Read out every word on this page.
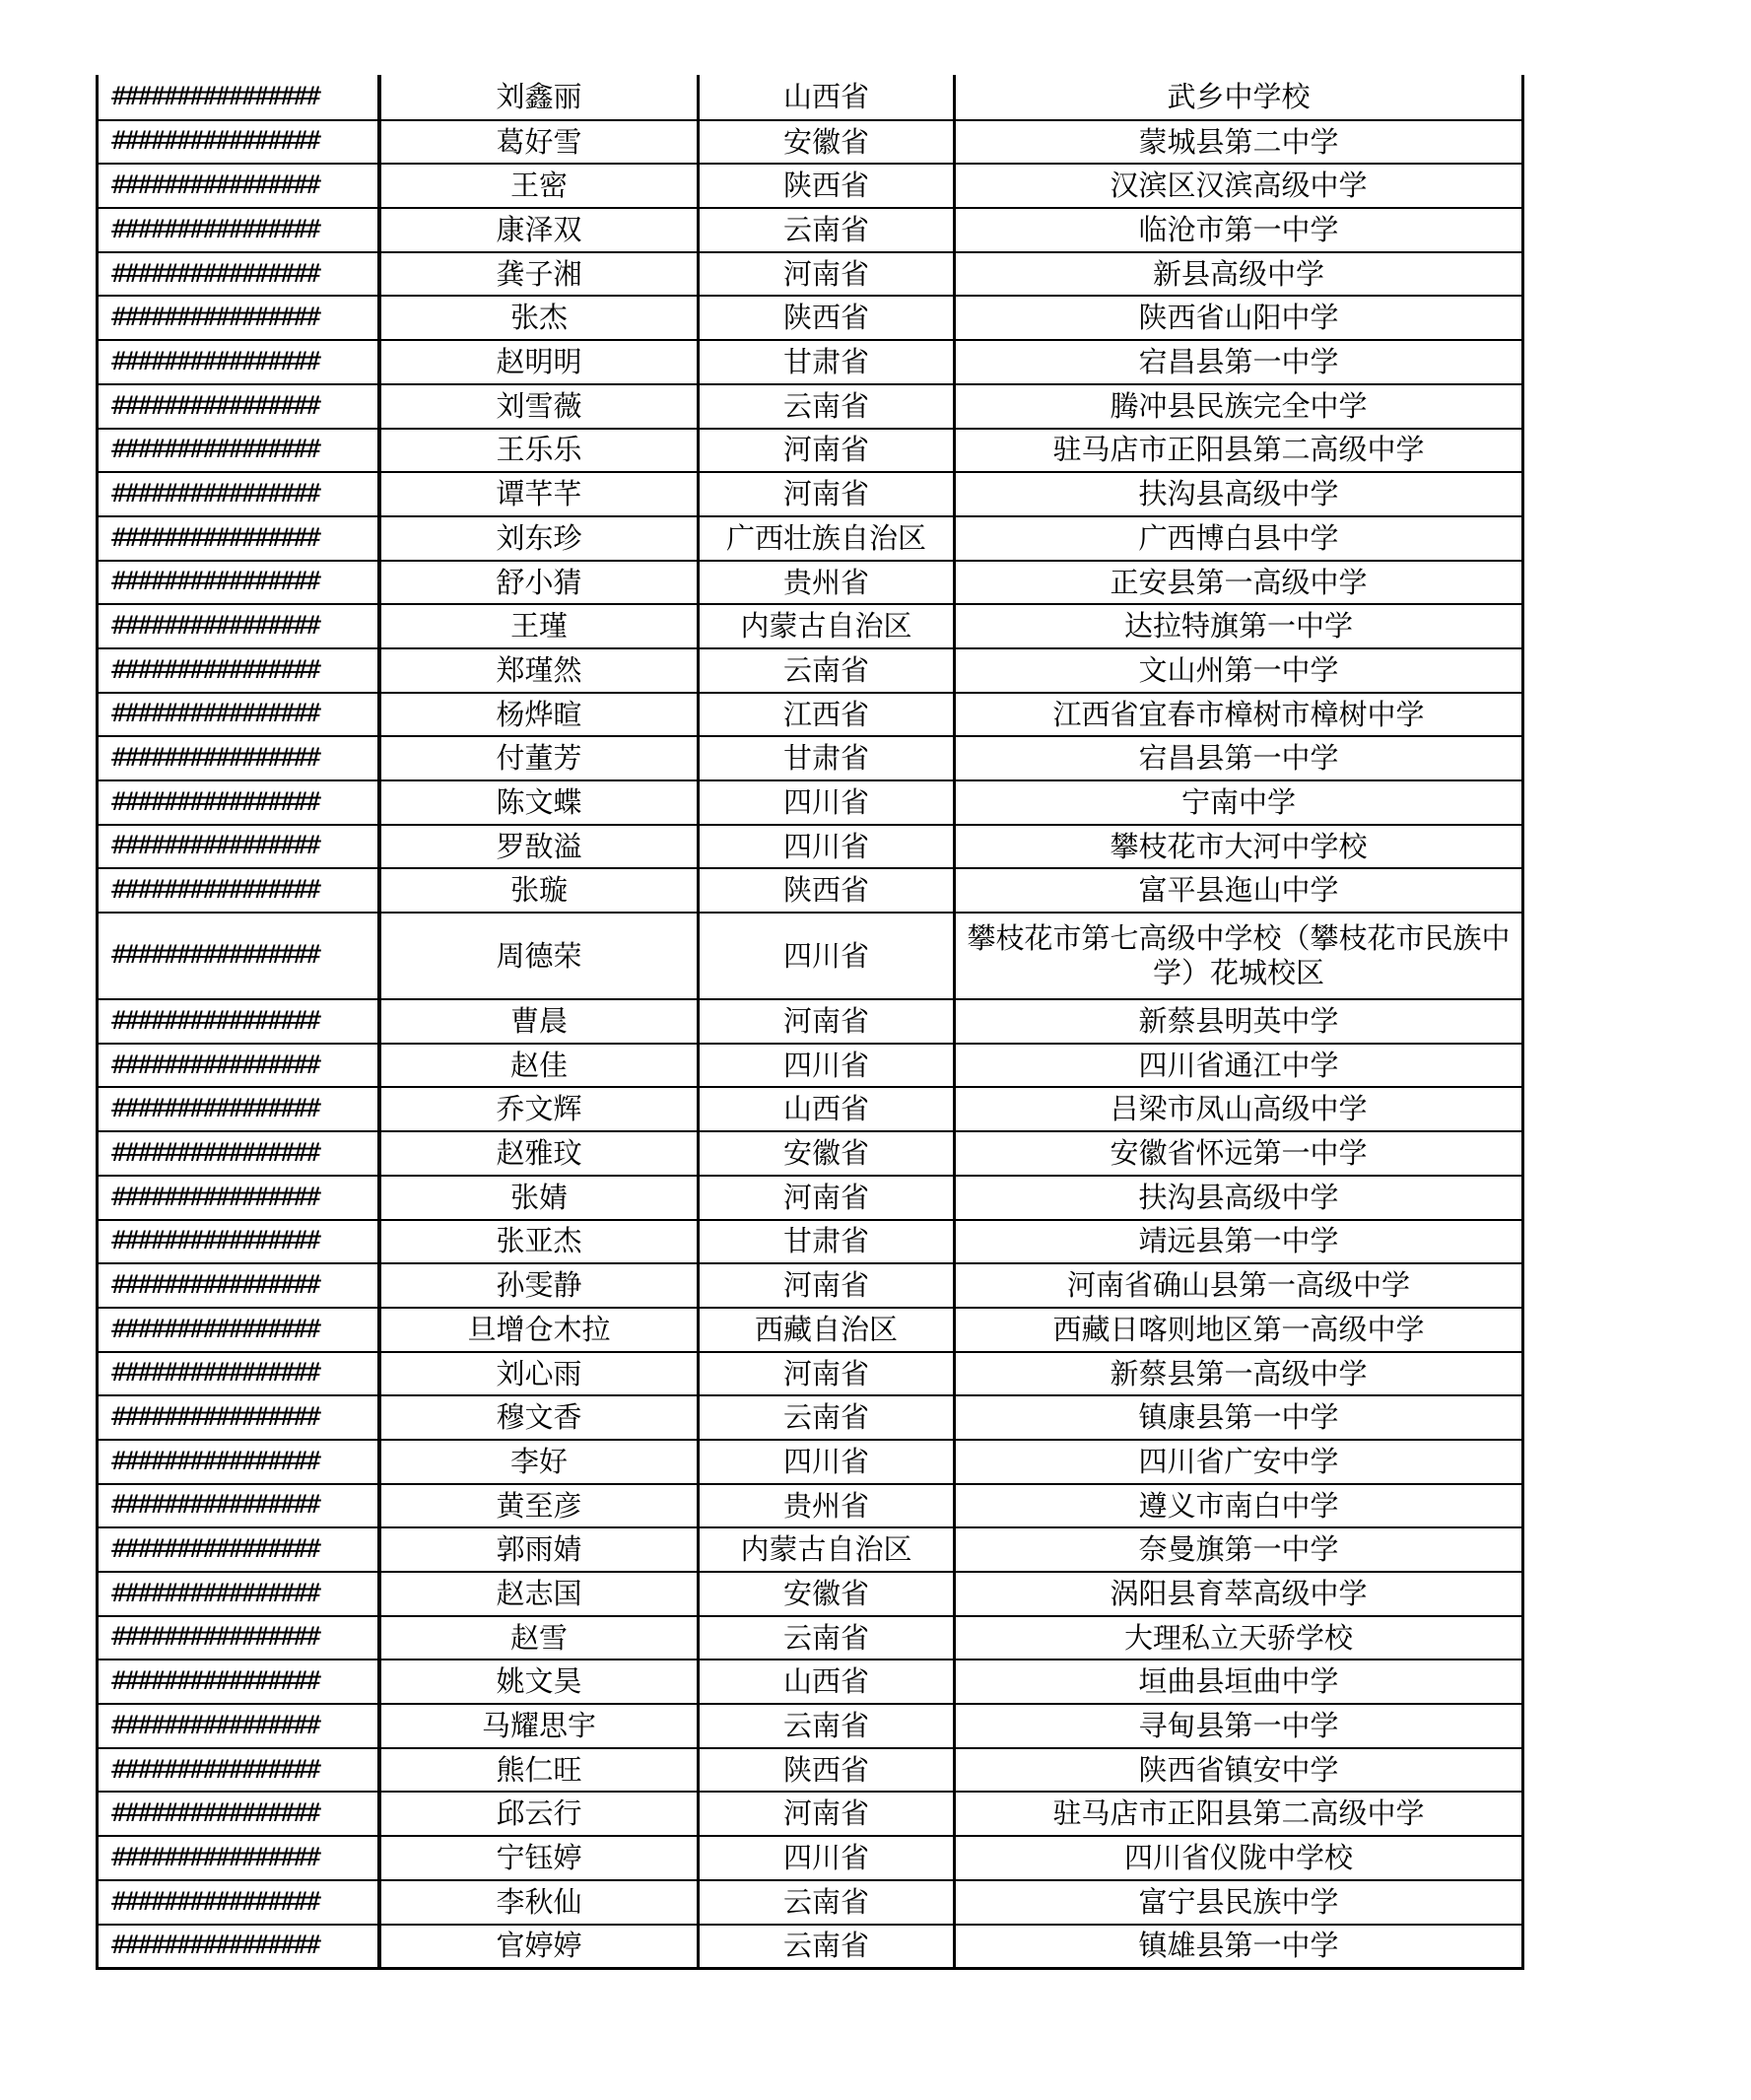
################	刘鑫丽	山西省	武乡中学校
################	葛好雪	安徽省	蒙城县第二中学
################	王密	陕西省	汉滨区汉滨高级中学
################	康泽双	云南省	临沧市第一中学
################	龚子湘	河南省	新县高级中学
################	张杰	陕西省	陕西省山阳中学
################	赵明明	甘肃省	宕昌县第一中学
################	刘雪薇	云南省	腾冲县民族完全中学
################	王乐乐	河南省	驻马店市正阳县第二高级中学
################	谭芊芊	河南省	扶沟县高级中学
################	刘东珍	广西壮族自治区	广西博白县中学
################	舒小猜	贵州省	正安县第一高级中学
################	王瑾	内蒙古自治区	达拉特旗第一中学
################	郑瑾然	云南省	文山州第一中学
################	杨烨暄	江西省	江西省宜春市樟树市樟树中学
################	付董芳	甘肃省	宕昌县第一中学
################	陈文蝶	四川省	宁南中学
################	罗敔溢	四川省	攀枝花市大河中学校
################	张璇	陕西省	富平县迤山中学
################	周德荣	四川省
攀枝花市第七高级中学校（攀枝花市民族中学）花城校区
################	曹晨	河南省	新蔡县明英中学
################	赵佳	四川省	四川省通江中学
################	乔文辉	山西省	吕梁市凤山高级中学
################	赵雅玟	安徽省	安徽省怀远第一中学
################	张婧	河南省	扶沟县高级中学
################	张亚杰	甘肃省	靖远县第一中学
################	孙雯静	河南省	河南省确山县第一高级中学
################	旦增仓木拉	西藏自治区	西藏日喀则地区第一高级中学
################	刘心雨	河南省	新蔡县第一高级中学
################	穆文香	云南省	镇康县第一中学
################	李好	四川省	四川省广安中学
################	黄至彦	贵州省	遵义市南白中学
################	郭雨婧	内蒙古自治区	奈曼旗第一中学
################	赵志国	安徽省	涡阳县育萃高级中学
################	赵雪	云南省	大理私立天骄学校
################	姚文昊	山西省	垣曲县垣曲中学
################	马耀思宇	云南省	寻甸县第一中学
################	熊仁旺	陕西省	陕西省镇安中学
################	邱云行	河南省	驻马店市正阳县第二高级中学
################	宁钰婷	四川省	四川省仪陇中学校
################	李秋仙	云南省	富宁县民族中学
################	官婷婷	云南省	镇雄县第一中学
